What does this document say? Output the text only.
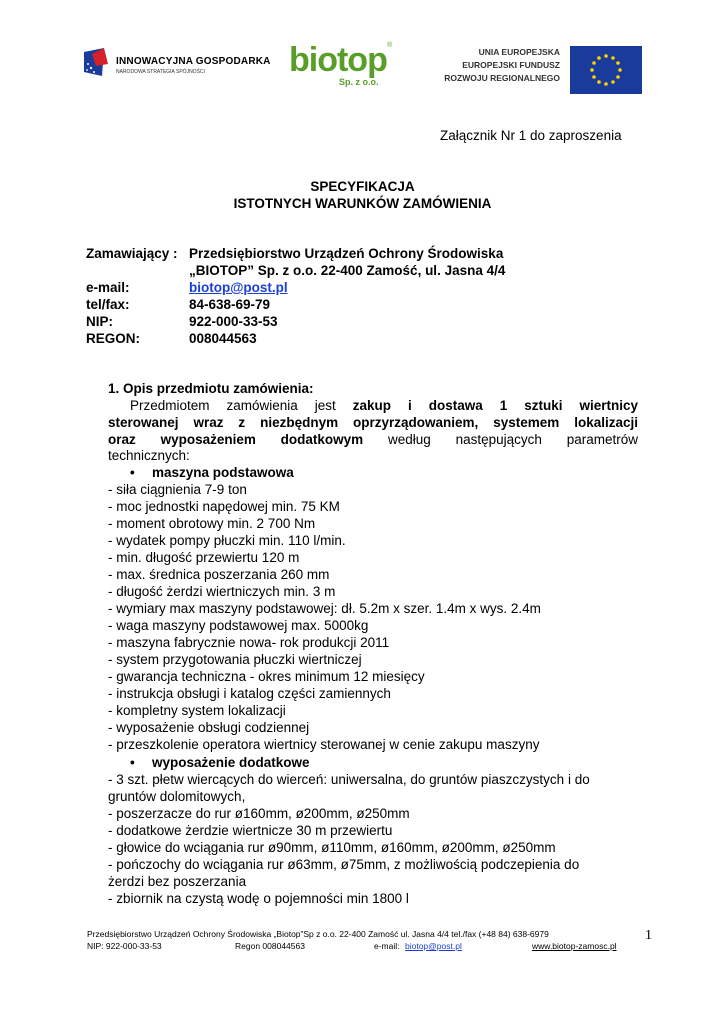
INNOWACYJNA GOSPODARKA
NARODOWA STRATEGIA SPÓJNOŚCI biotop ®
Sp. z o.o.
UNIA EUROPEJSKA
EUROPEJSKI FUNDUSZ
ROZWOJU REGIONALNEGO
Załącznik Nr 1 do zaproszenia
SPECYFIKACJA
ISTOTNYCH WARUNKÓW ZAMÓWIENIA
Zamawiający : Przedsiębiorstwo Urządzeń Ochrony Środowiska
„BIOTOP” Sp. z o.o. 22-400 Zamość, ul. Jasna 4/4
e-mail:	biotop@post.pl
tel/fax:	84-638-69-79
NIP:	922-000-33-53
REGON:	008044563
1. Opis przedmiotu zamówienia:
Przedmiotem zamówienia jest zakup i dostawa 1 sztuki wiertnicy
sterowanej wraz z niezbędnym oprzyrządowaniem, systemem lokalizacji
oraz wyposażeniem dodatkowym według następujących parametrów
technicznych:
• maszyna podstawowa
- siła ciągnienia 7-9 ton
- moc jednostki napędowej min. 75 KM
- moment obrotowy min. 2 700 Nm
- wydatek pompy płuczki min. 110 l/min.
- min. długość przewiertu 120 m
- max. średnica poszerzania 260 mm
- długość żerdzi wiertniczych min. 3 m
- wymiary max maszyny podstawowej: dł. 5.2m x szer. 1.4m x wys. 2.4m
- waga maszyny podstawowej max. 5000kg
- maszyna fabrycznie nowa- rok produkcji 2011
- system przygotowania płuczki wiertniczej
- gwarancja techniczna - okres minimum 12 miesięcy
- instrukcja obsługi i katalog części zamiennych
- kompletny system lokalizacji
- wyposażenie obsługi codziennej
- przeszkolenie operatora wiertnicy sterowanej w cenie zakupu maszyny
• wyposażenie dodatkowe
- 3 szt. płetw wiercących do wierceń: uniwersalna, do gruntów piaszczystych i do
gruntów dolomitowych,
- poszerzacze do rur ø160mm, ø200mm, ø250mm
- dodatkowe żerdzie wiertnicze 30 m przewiertu
- głowice do wciągania rur ø90mm, ø110mm, ø160mm, ø200mm, ø250mm
- pończochy do wciągania rur ø63mm, ø75mm, z możliwością podczepienia do
żerdzi bez poszerzania
- zbiornik na czystą wodę o pojemności min 1800 l
Przedsiębiorstwo Urządzeń Ochrony Środowiska „Biotop”Sp z o.o. 22-400 Zamość ul. Jasna 4/4 tel./fax (+48 84) 638-6979	1
NIP: 922-000-33-53	Regon 008044563	e-mail: biotop@post.pl	www.biotop-zamosc.pl
